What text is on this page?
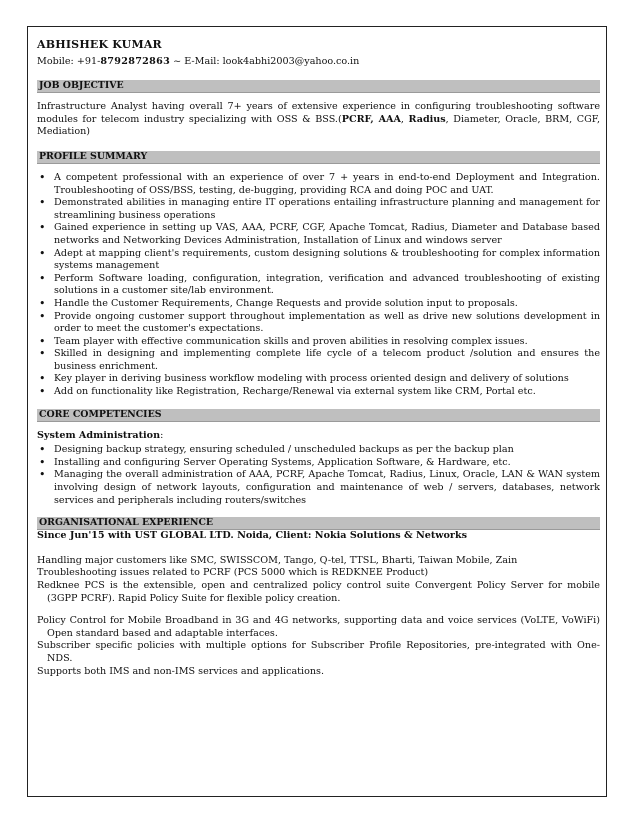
ABHISHEK KUMAR
Mobile: +91-8792872863 ~ E-Mail: look4abhi2003@yahoo.co.in
JOB OBJECTIVE
Infrastructure Analyst having overall 7+ years of extensive experience in configuring troubleshooting software modules for telecom industry specializing with OSS & BSS.(PCRF, AAA, Radius, Diameter, Oracle, BRM, CGF, Mediation)
PROFILE SUMMARY
• A competent professional with an experience of over 7 + years in end-to-end Deployment and Integration. Troubleshooting of OSS/BSS, testing, de-bugging, providing RCA and doing POC and UAT.
• Demonstrated abilities in managing entire IT operations entailing infrastructure planning and management for streamlining business operations
• Gained experience in setting up VAS, AAA, PCRF, CGF, Apache Tomcat, Radius, Diameter and Database based networks and Networking Devices Administration, Installation of Linux and windows server
• Adept at mapping client's requirements, custom designing solutions & troubleshooting for complex information systems management
• Perform Software loading, configuration, integration, verification and advanced troubleshooting of existing solutions in a customer site/lab environment.
• Handle the Customer Requirements, Change Requests and provide solution input to proposals.
• Provide ongoing customer support throughout implementation as well as drive new solutions development in order to meet the customer's expectations.
• Team player with effective communication skills and proven abilities in resolving complex issues.
• Skilled in designing and implementing complete life cycle of a telecom product /solution and ensures the business enrichment.
• Key player in deriving business workflow modeling with process oriented design and delivery of solutions
• Add on functionality like Registration, Recharge/Renewal via external system like CRM, Portal etc.
CORE COMPETENCIES
System Administration:
• Designing backup strategy, ensuring scheduled / unscheduled backups as per the backup plan
• Installing and configuring Server Operating Systems, Application Software, & Hardware, etc.
• Managing the overall administration of AAA, PCRF, Apache Tomcat, Radius, Linux, Oracle, LAN & WAN system involving design of network layouts, configuration and maintenance of web / servers, databases, network services and peripherals including routers/switches
ORGANISATIONAL EXPERIENCE
Since Jun'15 with UST GLOBAL LTD. Noida, Client: Nokia Solutions & Networks
Handling major customers like SMC, SWISSCOM, Tango, Q-tel, TTSL, Bharti, Taiwan Mobile, Zain
Troubleshooting issues related to PCRF (PCS 5000 which is REDKNEE Product)
Redknee PCS is the extensible, open and centralized policy control suite Convergent Policy Server for mobile (3GPP PCRF). Rapid Policy Suite for flexible policy creation.
Policy Control for Mobile Broadband in 3G and 4G networks, supporting data and voice services (VoLTE, VoWiFi) Open standard based and adaptable interfaces.
Subscriber specific policies with multiple options for Subscriber Profile Repositories, pre-integrated with One-NDS.
Supports both IMS and non-IMS services and applications.
